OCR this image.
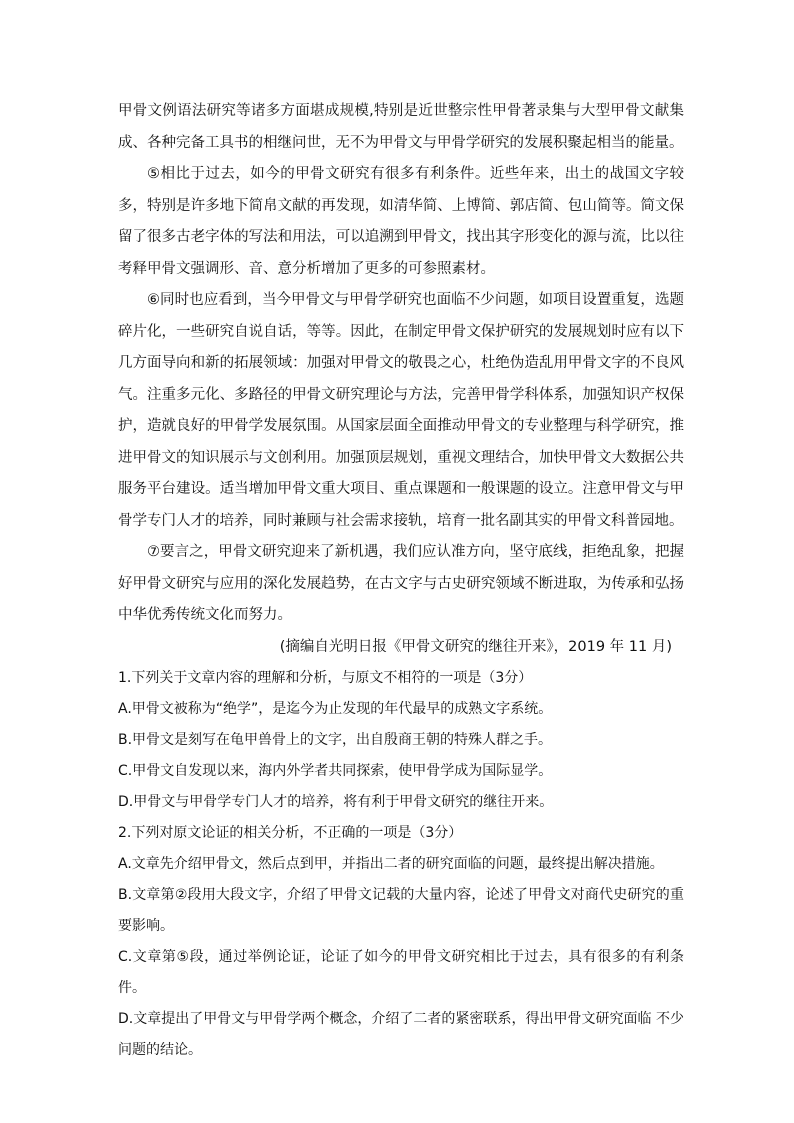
甲骨文例语法研究等诸多方面堪成规模,特别是近世整宗性甲骨著录集与大型甲骨文献集成、各种完备工具书的相继问世，无不为甲骨文与甲骨学研究的发展积聚起相当的能量。

⑤相比于过去，如今的甲骨文研究有很多有利条件。近些年来，出土的战国文字较多，特别是许多地下简帛文献的再发现，如清华简、上博简、郭店简、包山简等。简文保留了很多古老字体的写法和用法，可以追溯到甲骨文，找出其字形变化的源与流，比以往考释甲骨文强调形、音、意分析增加了更多的可参照素材。

⑥同时也应看到，当今甲骨文与甲骨学研究也面临不少问题，如项目设置重复，选题碎片化，一些研究自说自话，等等。因此，在制定甲骨文保护研究的发展规划时应有以下 几方面导向和新的拓展领域：加强对甲骨文的敬畏之心，杜绝伪造乱用甲骨文字的不良风气。注重多元化、多路径的甲骨文研究理论与方法，完善甲骨学科体系，加强知识产权保护，造就良好的甲骨学发展氛围。从国家层面全面推动甲骨文的专业整理与科学研究，推进甲骨文的知识展示与文创利用。加强顶层规划，重视文理结合，加快甲骨文大数据公共服务平台建设。适当增加甲骨文重大项目、重点课题和一般课题的设立。注意甲骨文与甲骨学专门人才的培养，同时兼顾与社会需求接轨，培育一批名副其实的甲骨文科普园地。

⑦要言之，甲骨文研究迎来了新机遇，我们应认准方向，坚守底线，拒绝乱象，把握好甲骨文研究与应用的深化发展趋势，在古文字与古史研究领域不断进取，为传承和弘扬中华优秀传统文化而努力。

(摘编自光明日报《甲骨文研究的继往开来》，2019 年 11 月)

1.下列关于文章内容的理解和分析，与原文不相符的一项是（3分）

A.甲骨文被称为“绝学”，是迄今为止发现的年代最早的成熟文字系统。

B.甲骨文是刻写在龟甲兽骨上的文字，出自殷商王朝的特殊人群之手。

C.甲骨文自发现以来，海内外学者共同探索，使甲骨学成为国际显学。

D.甲骨文与甲骨学专门人才的培养，将有利于甲骨文研究的继往开来。

2.下列对原文论证的相关分析，不正确的一项是（3分）

A.文章先介绍甲骨文，然后点到甲，并指出二者的研究面临的问题，最终提出解决措施。

B.文章第②段用大段文字，介绍了甲骨文记载的大量内容，论述了甲骨文对商代史研究的重要影响。

C.文章第⑤段，通过举例论证，论证了如今的甲骨文研究相比于过去，具有很多的有利条件。

D.文章提出了甲骨文与甲骨学两个概念，介绍了二者的紧密联系，得出甲骨文研究面临 不少问题的结论。
